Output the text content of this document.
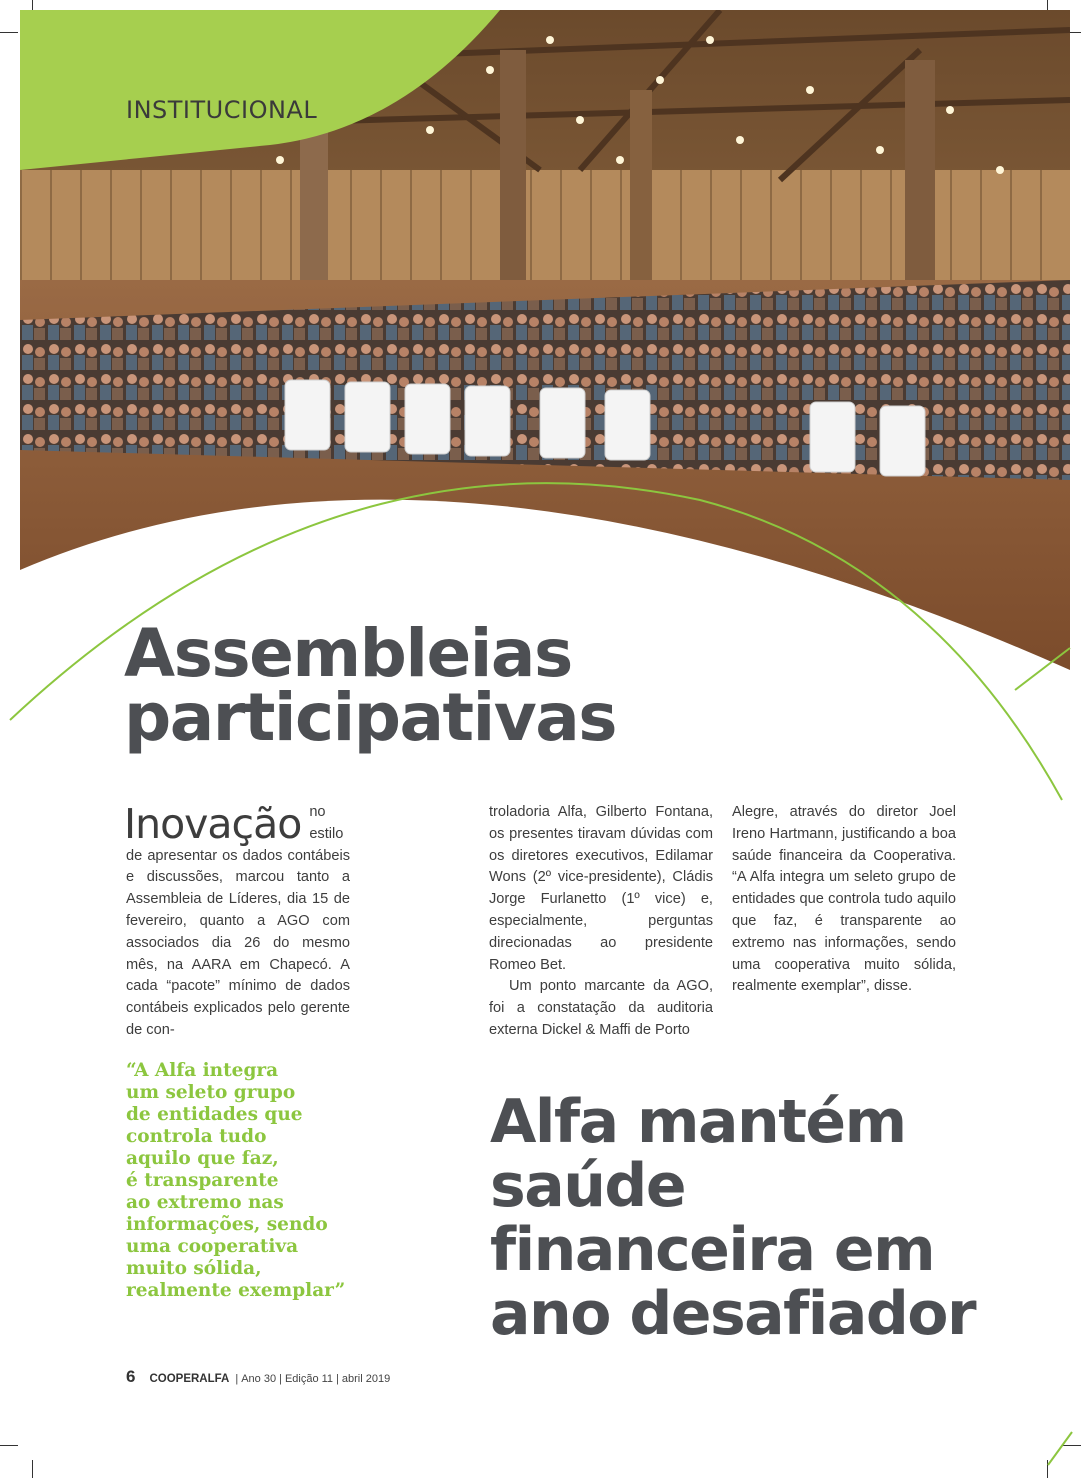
INSTITUCIONAL
Assembleias
participativas

Inovação no estilo de apresentar os dados contábeis e discussões, marcou tanto a Assembleia de Líderes, dia 15 de fevereiro, quanto a AGO com associados dia 26 do mesmo mês, na AARA em Chapecó. A cada “pacote” mínimo de dados contábeis explicados pelo gerente de con-

troladoria Alfa, Gilberto Fontana, os presentes tiravam dúvidas com os diretores executivos, Edilamar Wons (2º vice-presidente), Cládis Jorge Furlanetto (1º vice) e, especialmente, perguntas direcionadas ao presidente Romeo Bet.

Um ponto marcante da AGO, foi a constatação da auditoria externa Dickel & Maffi de Porto

Alegre, através do diretor Joel Ireno Hartmann, justificando a boa saúde financeira da Cooperativa. “A Alfa integra um seleto grupo de entidades que controla tudo aquilo que faz, é transparente ao extremo nas informações, sendo uma cooperativa muito sólida, realmente exemplar”, disse.

“A Alfa integra
um seleto grupo
de entidades que
controla tudo
aquilo que faz,
é transparente
ao extremo nas
informações, sendo
uma cooperativa
muito sólida,
realmente exemplar”
Alfa mantém
saúde
financeira em
ano desafiador
6 COOPERALFA | Ano 30 | Edição 11 | abril 2019
